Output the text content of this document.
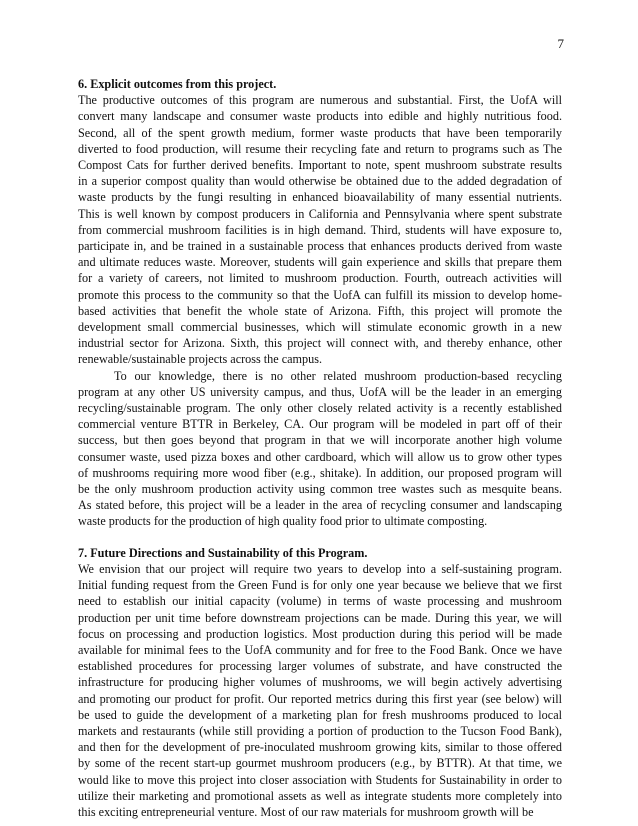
7
6. Explicit outcomes from this project.
The productive outcomes of this program are numerous and substantial. First, the UofA will
convert many landscape and consumer waste products into edible and highly nutritious food.
Second, all of the spent growth medium, former waste products that have been temporarily
diverted to food production, will resume their recycling fate and return to programs such as The
Compost Cats for further derived benefits. Important to note, spent mushroom substrate results
in a superior compost quality than would otherwise be obtained due to the added degradation of
waste products by the fungi resulting in enhanced bioavailability of many essential nutrients.
This is well known by compost producers in California and Pennsylvania where spent substrate
from commercial mushroom facilities is in high demand. Third, students will have exposure to,
participate in, and be trained in a sustainable process that enhances products derived from waste
and ultimate reduces waste. Moreover, students will gain experience and skills that prepare them
for a variety of careers, not limited to mushroom production. Fourth, outreach activities will
promote this process to the community so that the UofA can fulfill its mission to develop home-
based activities that benefit the whole state of Arizona. Fifth, this project will promote the
development small commercial businesses, which will stimulate economic growth in a new
industrial sector for Arizona. Sixth, this project will connect with, and thereby enhance, other
renewable/sustainable projects across the campus.
To our knowledge, there is no other related mushroom production-based recycling
program at any other US university campus, and thus, UofA will be the leader in an emerging
recycling/sustainable program. The only other closely related activity is a recently established
commercial venture BTTR in Berkeley, CA. Our program will be modeled in part off of their
success, but then goes beyond that program in that we will incorporate another high volume
consumer waste, used pizza boxes and other cardboard, which will allow us to grow other types
of mushrooms requiring more wood fiber (e.g., shitake). In addition, our proposed program will
be the only mushroom production activity using common tree wastes such as mesquite beans.
As stated before, this project will be a leader in the area of recycling consumer and landscaping
waste products for the production of high quality food prior to ultimate composting.
7. Future Directions and Sustainability of this Program.
We envision that our project will require two years to develop into a self-sustaining program.
Initial funding request from the Green Fund is for only one year because we believe that we first
need to establish our initial capacity (volume) in terms of waste processing and mushroom
production per unit time before downstream projections can be made. During this year, we will
focus on processing and production logistics. Most production during this period will be made
available for minimal fees to the UofA community and for free to the Food Bank. Once we have
established procedures for processing larger volumes of substrate, and have constructed the
infrastructure for producing higher volumes of mushrooms, we will begin actively advertising
and promoting our product for profit. Our reported metrics during this first year (see below) will
be used to guide the development of a marketing plan for fresh mushrooms produced to local
markets and restaurants (while still providing a portion of production to the Tucson Food Bank),
and then for the development of pre-inoculated mushroom growing kits, similar to those offered
by some of the recent start-up gourmet mushroom producers (e.g., by BTTR). At that time, we
would like to move this project into closer association with Students for Sustainability in order to
utilize their marketing and promotional assets as well as integrate students more completely into
this exciting entrepreneurial venture. Most of our raw materials for mushroom growth will be
